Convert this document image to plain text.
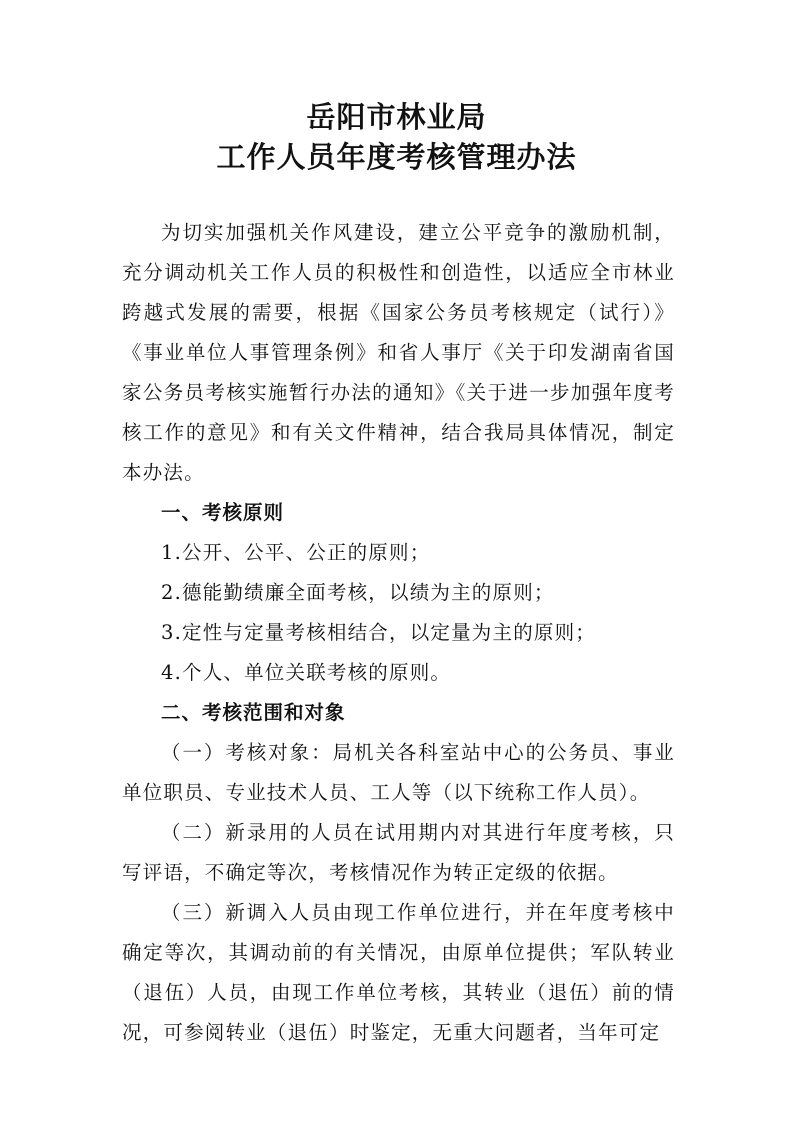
岳阳市林业局
工作人员年度考核管理办法

为切实加强机关作风建设，建立公平竞争的激励机制，充分调动机关工作人员的积极性和创造性，以适应全市林业跨越式发展的需要，根据《国家公务员考核规定（试行）》《事业单位人事管理条例》和省人事厅《关于印发湖南省国家公务员考核实施暂行办法的通知》《关于进一步加强年度考核工作的意见》和有关文件精神，结合我局具体情况，制定本办法。

一、考核原则

1.公开、公平、公正的原则；

2.德能勤绩廉全面考核，以绩为主的原则；

3.定性与定量考核相结合，以定量为主的原则；

4.个人、单位关联考核的原则。

二、考核范围和对象

（一）考核对象：局机关各科室站中心的公务员、事业单位职员、专业技术人员、工人等（以下统称工作人员）。

（二）新录用的人员在试用期内对其进行年度考核，只写评语，不确定等次，考核情况作为转正定级的依据。

（三）新调入人员由现工作单位进行，并在年度考核中确定等次，其调动前的有关情况，由原单位提供；军队转业（退伍）人员，由现工作单位考核，其转业（退伍）前的情况，可参阅转业（退伍）时鉴定，无重大问题者，当年可定
